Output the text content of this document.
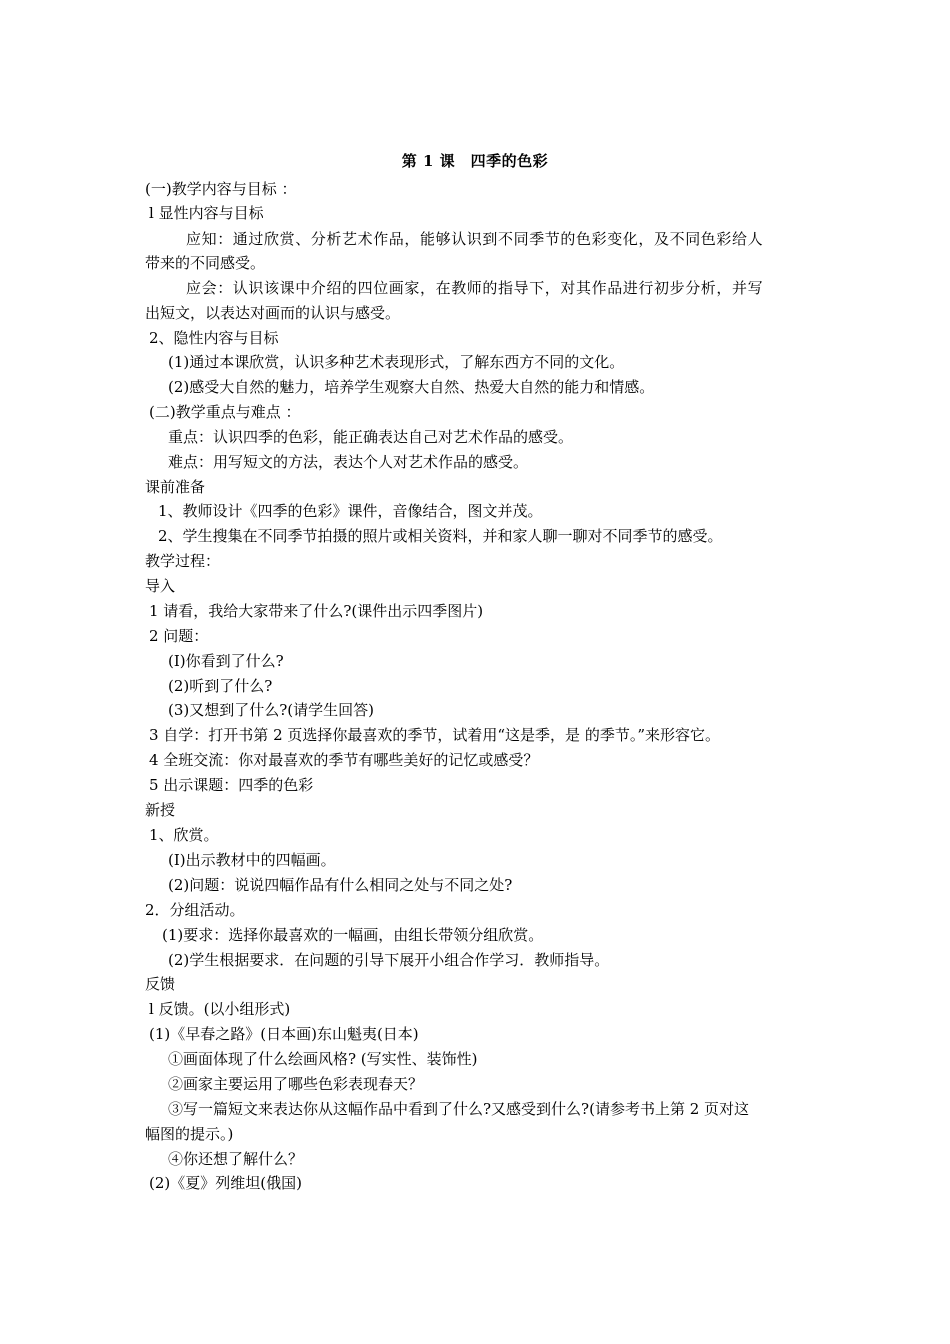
第 1 课　四季的色彩
(一)教学内容与目标 ：
l 显性内容与目标
应知：通过欣赏、分析艺术作品，能够认识到不同季节的色彩变化，及不同色彩给人
带来的不同感受。
应会：认识该课中介绍的四位画家，在教师的指导下，对其作品进行初步分析，并写
出短文，以表达对画而的认识与感受。
2、隐性内容与目标
(1)通过本课欣赏，认识多种艺术表现形式，了解东西方不同的文化。
(2)感受大自然的魅力，培养学生观察大自然、热爱大自然的能力和情感。
(二)教学重点与难点 ：
重点：认识四季的色彩，能正确表达自己对艺术作品的感受。
难点：用写短文的方法，表达个人对艺术作品的感受。
课前准备
1、教师设计《四季的色彩》课件，音像结合，图文并茂。
2、学生搜集在不同季节拍摄的照片或相关资料，并和家人聊一聊对不同季节的感受。
教学过程：
导入
1 请看，我给大家带来了什么?(课件出示四季图片)
2 问题：
(I)你看到了什么?
(2)听到了什么?
(3)又想到了什么?(请学生回答)
3 自学：打开书第 2 页选择你最喜欢的季节，试着用“这是季，是 的季节。”来形容它。
4 全班交流：你对最喜欢的季节有哪些美好的记忆或感受？
5 出示课题：四季的色彩
新授
1、欣赏。
(I)出示教材中的四幅画。
(2)问题：说说四幅作品有什么相同之处与不同之处?
2．分组活动。
(1)要求：选择你最喜欢的一幅画，由组长带领分组欣赏。
(2)学生根据要求．在问题的引导下展开小组合作学习．教师指导。
反馈
l 反馈。(以小组形式)
(1)《早春之路》(日本画)东山魁夷(日本)
①画面体现了什么绘画风格? (写实性、装饰性)
②画家主要运用了哪些色彩表现春天？
③写一篇短文来表达你从这幅作品中看到了什么?又感受到什么?(请参考书上第 2 页对这
幅图的提示。)
④你还想了解什么？
(2)《夏》列维坦(俄国)
